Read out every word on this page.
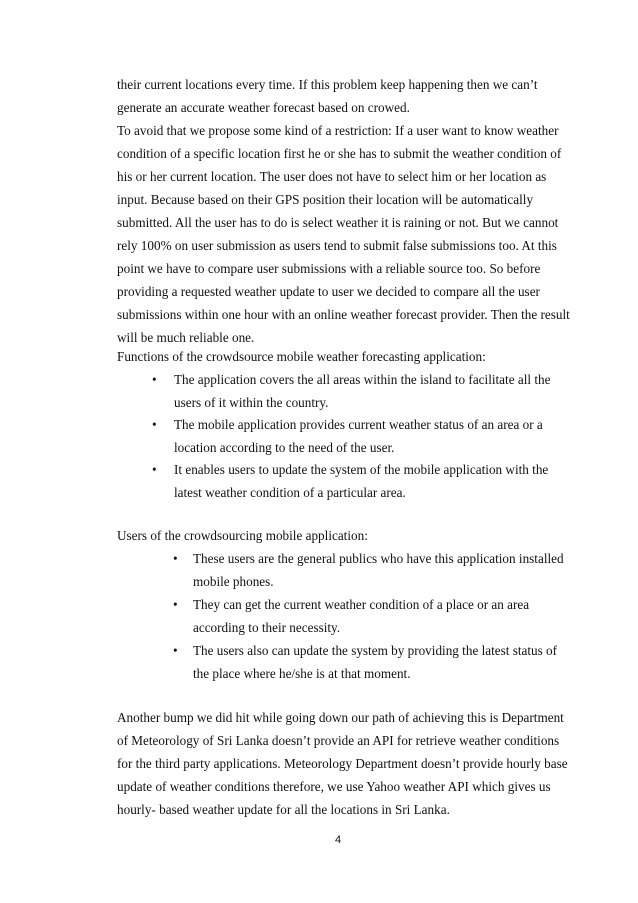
their current locations every time. If this problem keep happening then we can’t
generate an accurate weather forecast based on crowed.
To avoid that we propose some kind of a restriction: If a user want to know weather
condition of a specific location first he or she has to submit the weather condition of
his or her current location. The user does not have to select him or her location as
input. Because based on their GPS position their location will be automatically
submitted. All the user has to do is select weather it is raining or not. But we cannot
rely 100% on user submission as users tend to submit false submissions too. At this
point we have to compare user submissions with a reliable source too. So before
providing a requested weather update to user we decided to compare all the user
submissions within one hour with an online weather forecast provider. Then the result
will be much reliable one.
Functions of the crowdsource mobile weather forecasting application:
• The application covers the all areas within the island to facilitate all the
users of it within the country.
• The mobile application provides current weather status of an area or a
location according to the need of the user.
• It enables users to update the system of the mobile application with the
latest weather condition of a particular area.
Users of the crowdsourcing mobile application:
• These users are the general publics who have this application installed
mobile phones.
• They can get the current weather condition of a place or an area
according to their necessity.
• The users also can update the system by providing the latest status of
the place where he/she is at that moment.
Another bump we did hit while going down our path of achieving this is Department
of Meteorology of Sri Lanka doesn’t provide an API for retrieve weather conditions
for the third party applications. Meteorology Department doesn’t provide hourly base
update of weather conditions therefore, we use Yahoo weather API which gives us
hourly- based weather update for all the locations in Sri Lanka.
4
